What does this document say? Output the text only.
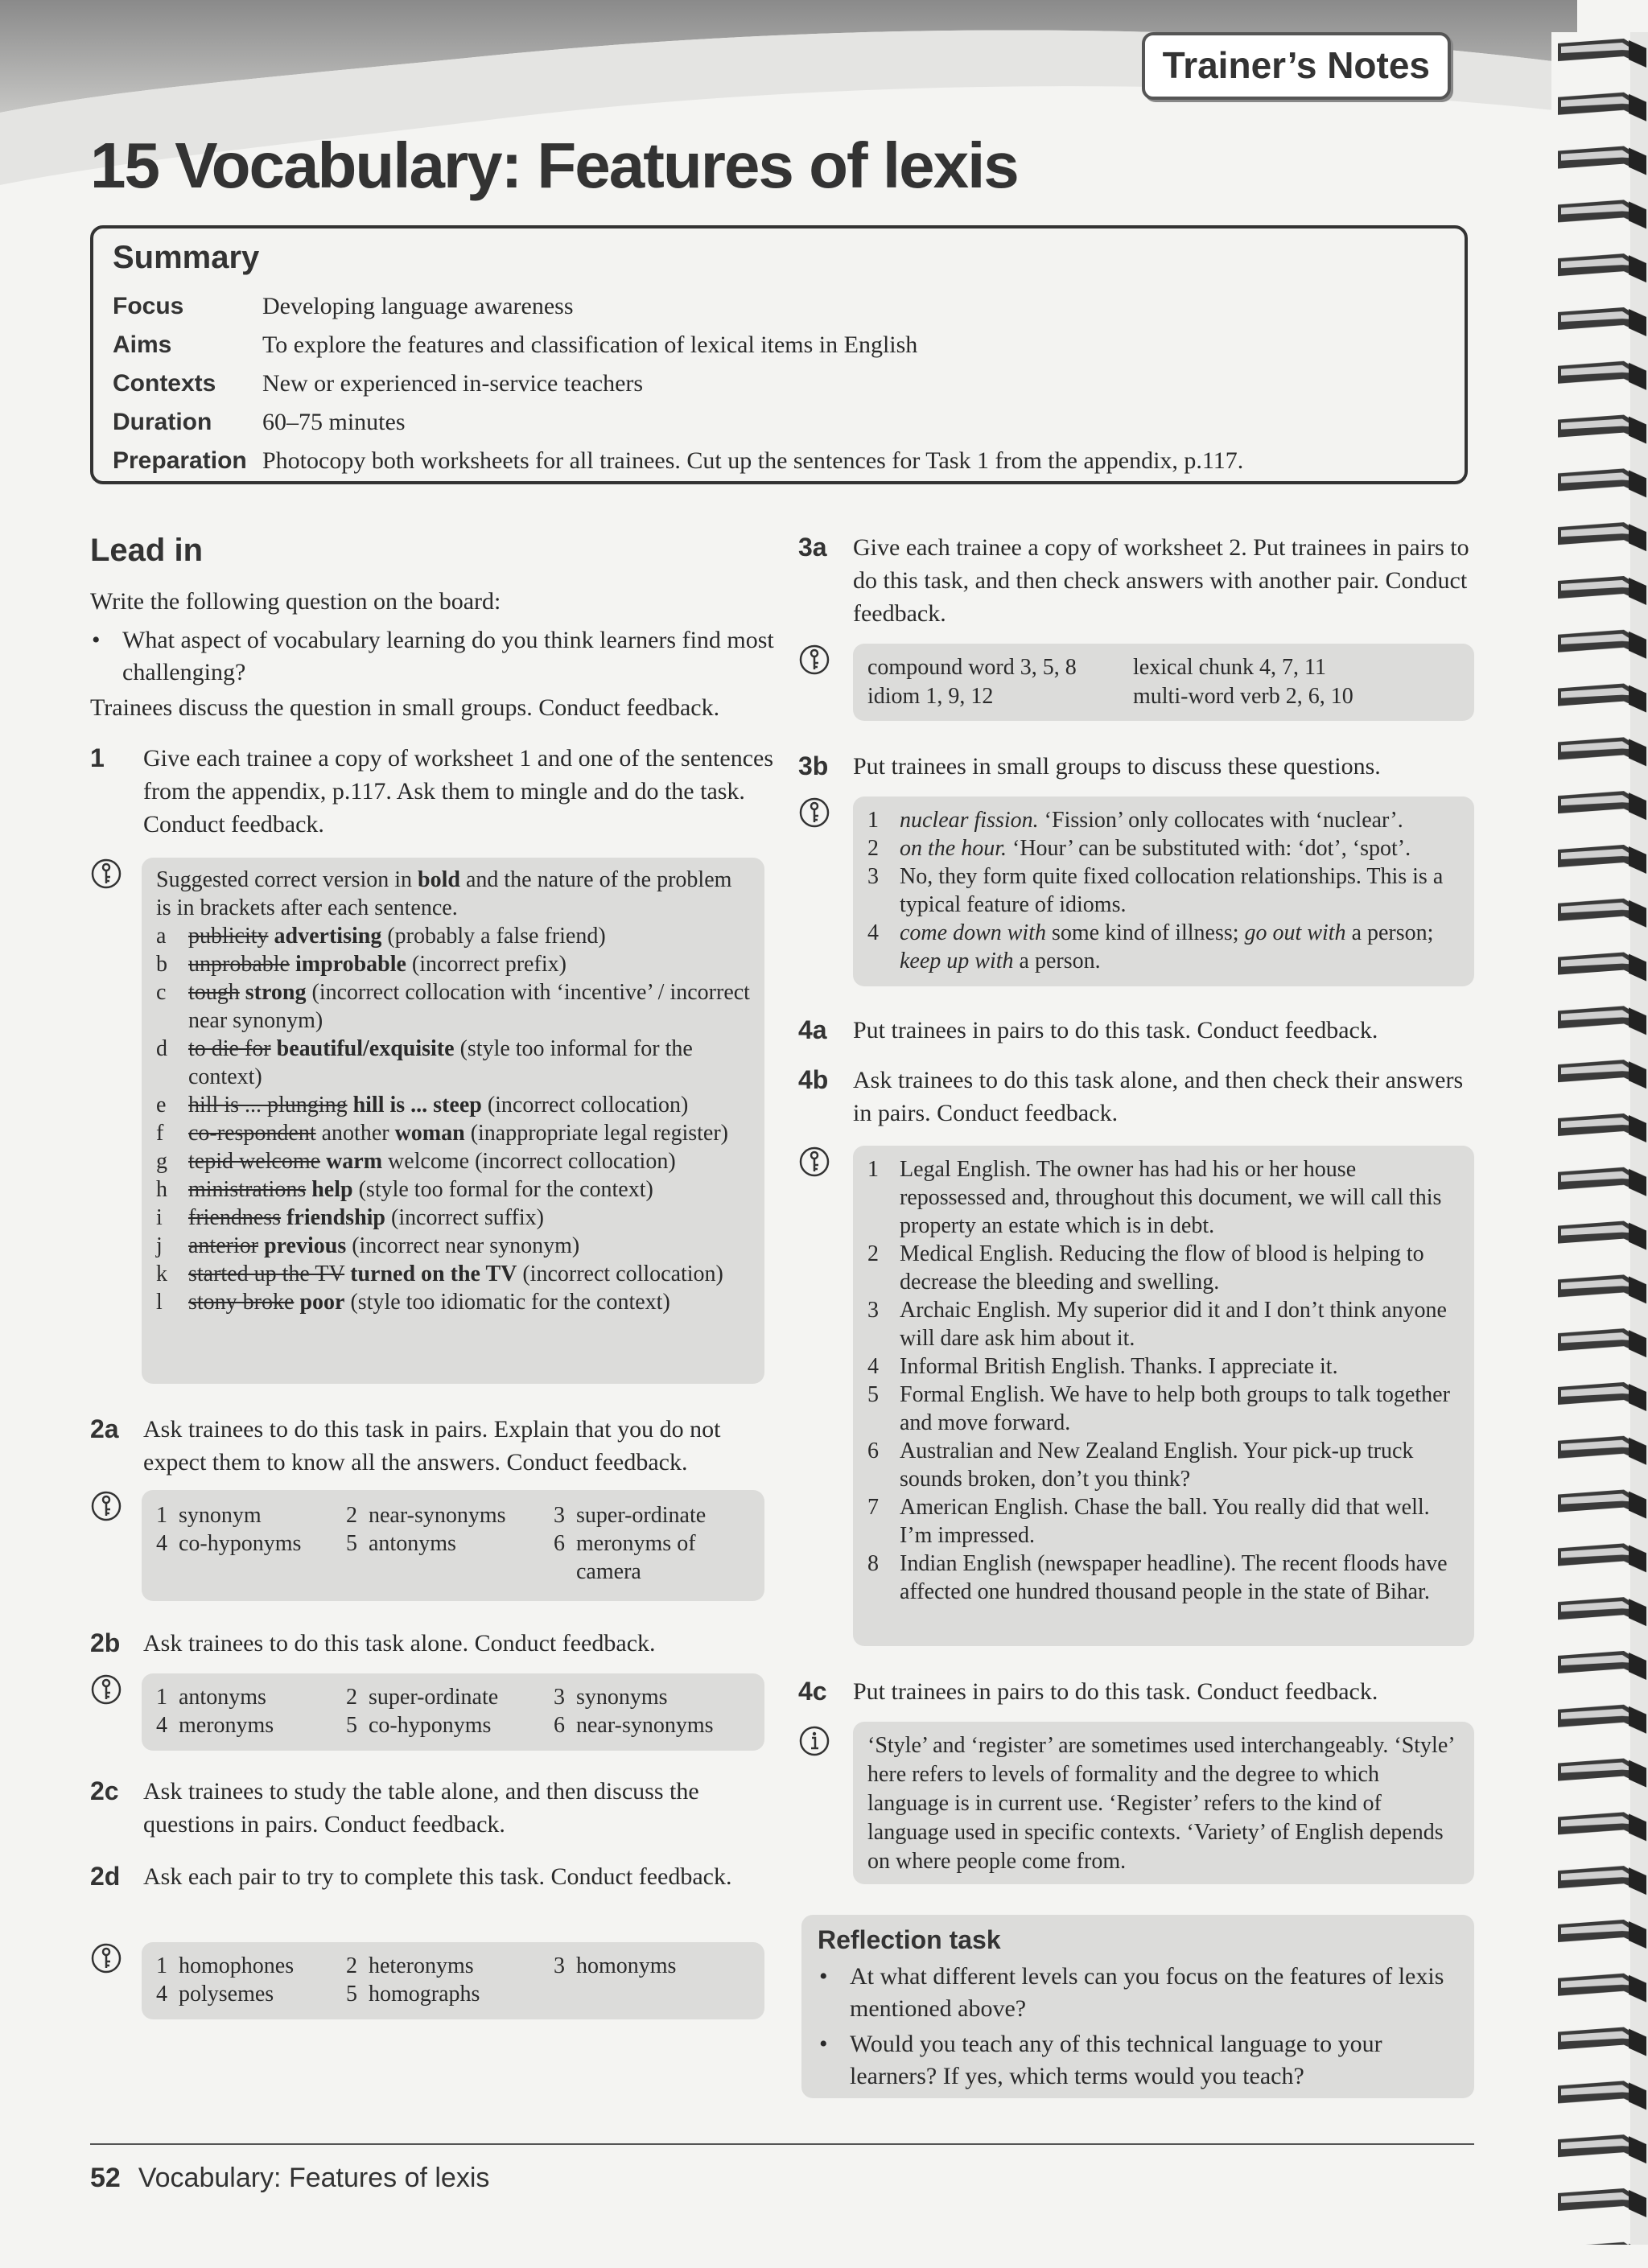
Trainer’s Notes
15 Vocabulary: Features of lexis
Summary
Focus	Developing language awareness
Aims	To explore the features and classification of lexical items in English
Contexts	New or experienced in-service teachers
Duration	60–75 minutes
Preparation Photocopy both worksheets for all trainees. Cut up the sentences for Task 1 from the appendix, p.117.
Lead in

Write the following question on the board:

• What aspect of vocabulary learning do you think learners find most challenging?

Trainees discuss the question in small groups. Conduct feedback.

1 Give each trainee a copy of worksheet 1 and one of the sentences from the appendix, p.117. Ask them to mingle and do the task. Conduct feedback.
Suggested correct version in bold and the nature of the problem is in brackets after each sentence.
a publicity advertising (probably a false friend)
b unprobable improbable (incorrect prefix)
c tough strong (incorrect collocation with ‘incentive’ / incorrect near synonym)
d to die for beautiful/exquisite (style too informal for the context)
e hill is ... plunging hill is ... steep (incorrect collocation)
f co-respondent another woman (inappropriate legal register)
g tepid welcome warm welcome (incorrect collocation)
h ministrations help (style too formal for the context)
i friendness friendship (incorrect suffix)
j anterior previous (incorrect near synonym)
k started up the TV turned on the TV (incorrect collocation)
l stony broke poor (style too idiomatic for the context)
2a Ask trainees to do this task in pairs. Explain that you do not expect them to know all the answers. Conduct feedback.
1 synonym	2 near-synonyms	3 super-ordinate
4 co-hyponyms	5 antonyms	6 meronyms of camera
2b Ask trainees to do this task alone. Conduct feedback.
1 antonyms	2 super-ordinate	3 synonyms
4 meronyms	5 co-hyponyms	6 near-synonyms
2c Ask trainees to study the table alone, and then discuss the questions in pairs. Conduct feedback.
2d Ask each pair to try to complete this task. Conduct feedback.
1 homophones	2 heteronyms	3 homonyms
4 polysemes	5 homographs
3a Give each trainee a copy of worksheet 2. Put trainees in pairs to do this task, and then check answers with another pair. Conduct feedback.
compound word 3, 5, 8	lexical chunk 4, 7, 11
idiom 1, 9, 12	multi-word verb 2, 6, 10
3b Put trainees in small groups to discuss these questions.
1 nuclear fission. ‘Fission’ only collocates with ‘nuclear’.
2 on the hour. ‘Hour’ can be substituted with: ‘dot’, ‘spot’.
3 No, they form quite fixed collocation relationships. This is a typical feature of idioms.
4 come down with some kind of illness; go out with a person; keep up with a person.
4a Put trainees in pairs to do this task. Conduct feedback.
4b Ask trainees to do this task alone, and then check their answers in pairs. Conduct feedback.
1 Legal English. The owner has had his or her house repossessed and, throughout this document, we will call this property an estate which is in debt.
2 Medical English. Reducing the flow of blood is helping to decrease the bleeding and swelling.
3 Archaic English. My superior did it and I don’t think anyone will dare ask him about it.
4 Informal British English. Thanks. I appreciate it.
5 Formal English. We have to help both groups to talk together and move forward.
6 Australian and New Zealand English. Your pick-up truck sounds broken, don’t you think?
7 American English. Chase the ball. You really did that well. I’m impressed.
8 Indian English (newspaper headline). The recent floods have affected one hundred thousand people in the state of Bihar.
4c Put trainees in pairs to do this task. Conduct feedback.
‘Style’ and ‘register’ are sometimes used interchangeably. ‘Style’ here refers to levels of formality and the degree to which language is in current use. ‘Register’ refers to the kind of language used in specific contexts. ‘Variety’ of English depends on where people come from.
Reflection task
• At what different levels can you focus on the features of lexis mentioned above?
• Would you teach any of this technical language to your learners? If yes, which terms would you teach?
52 Vocabulary: Features of lexis
